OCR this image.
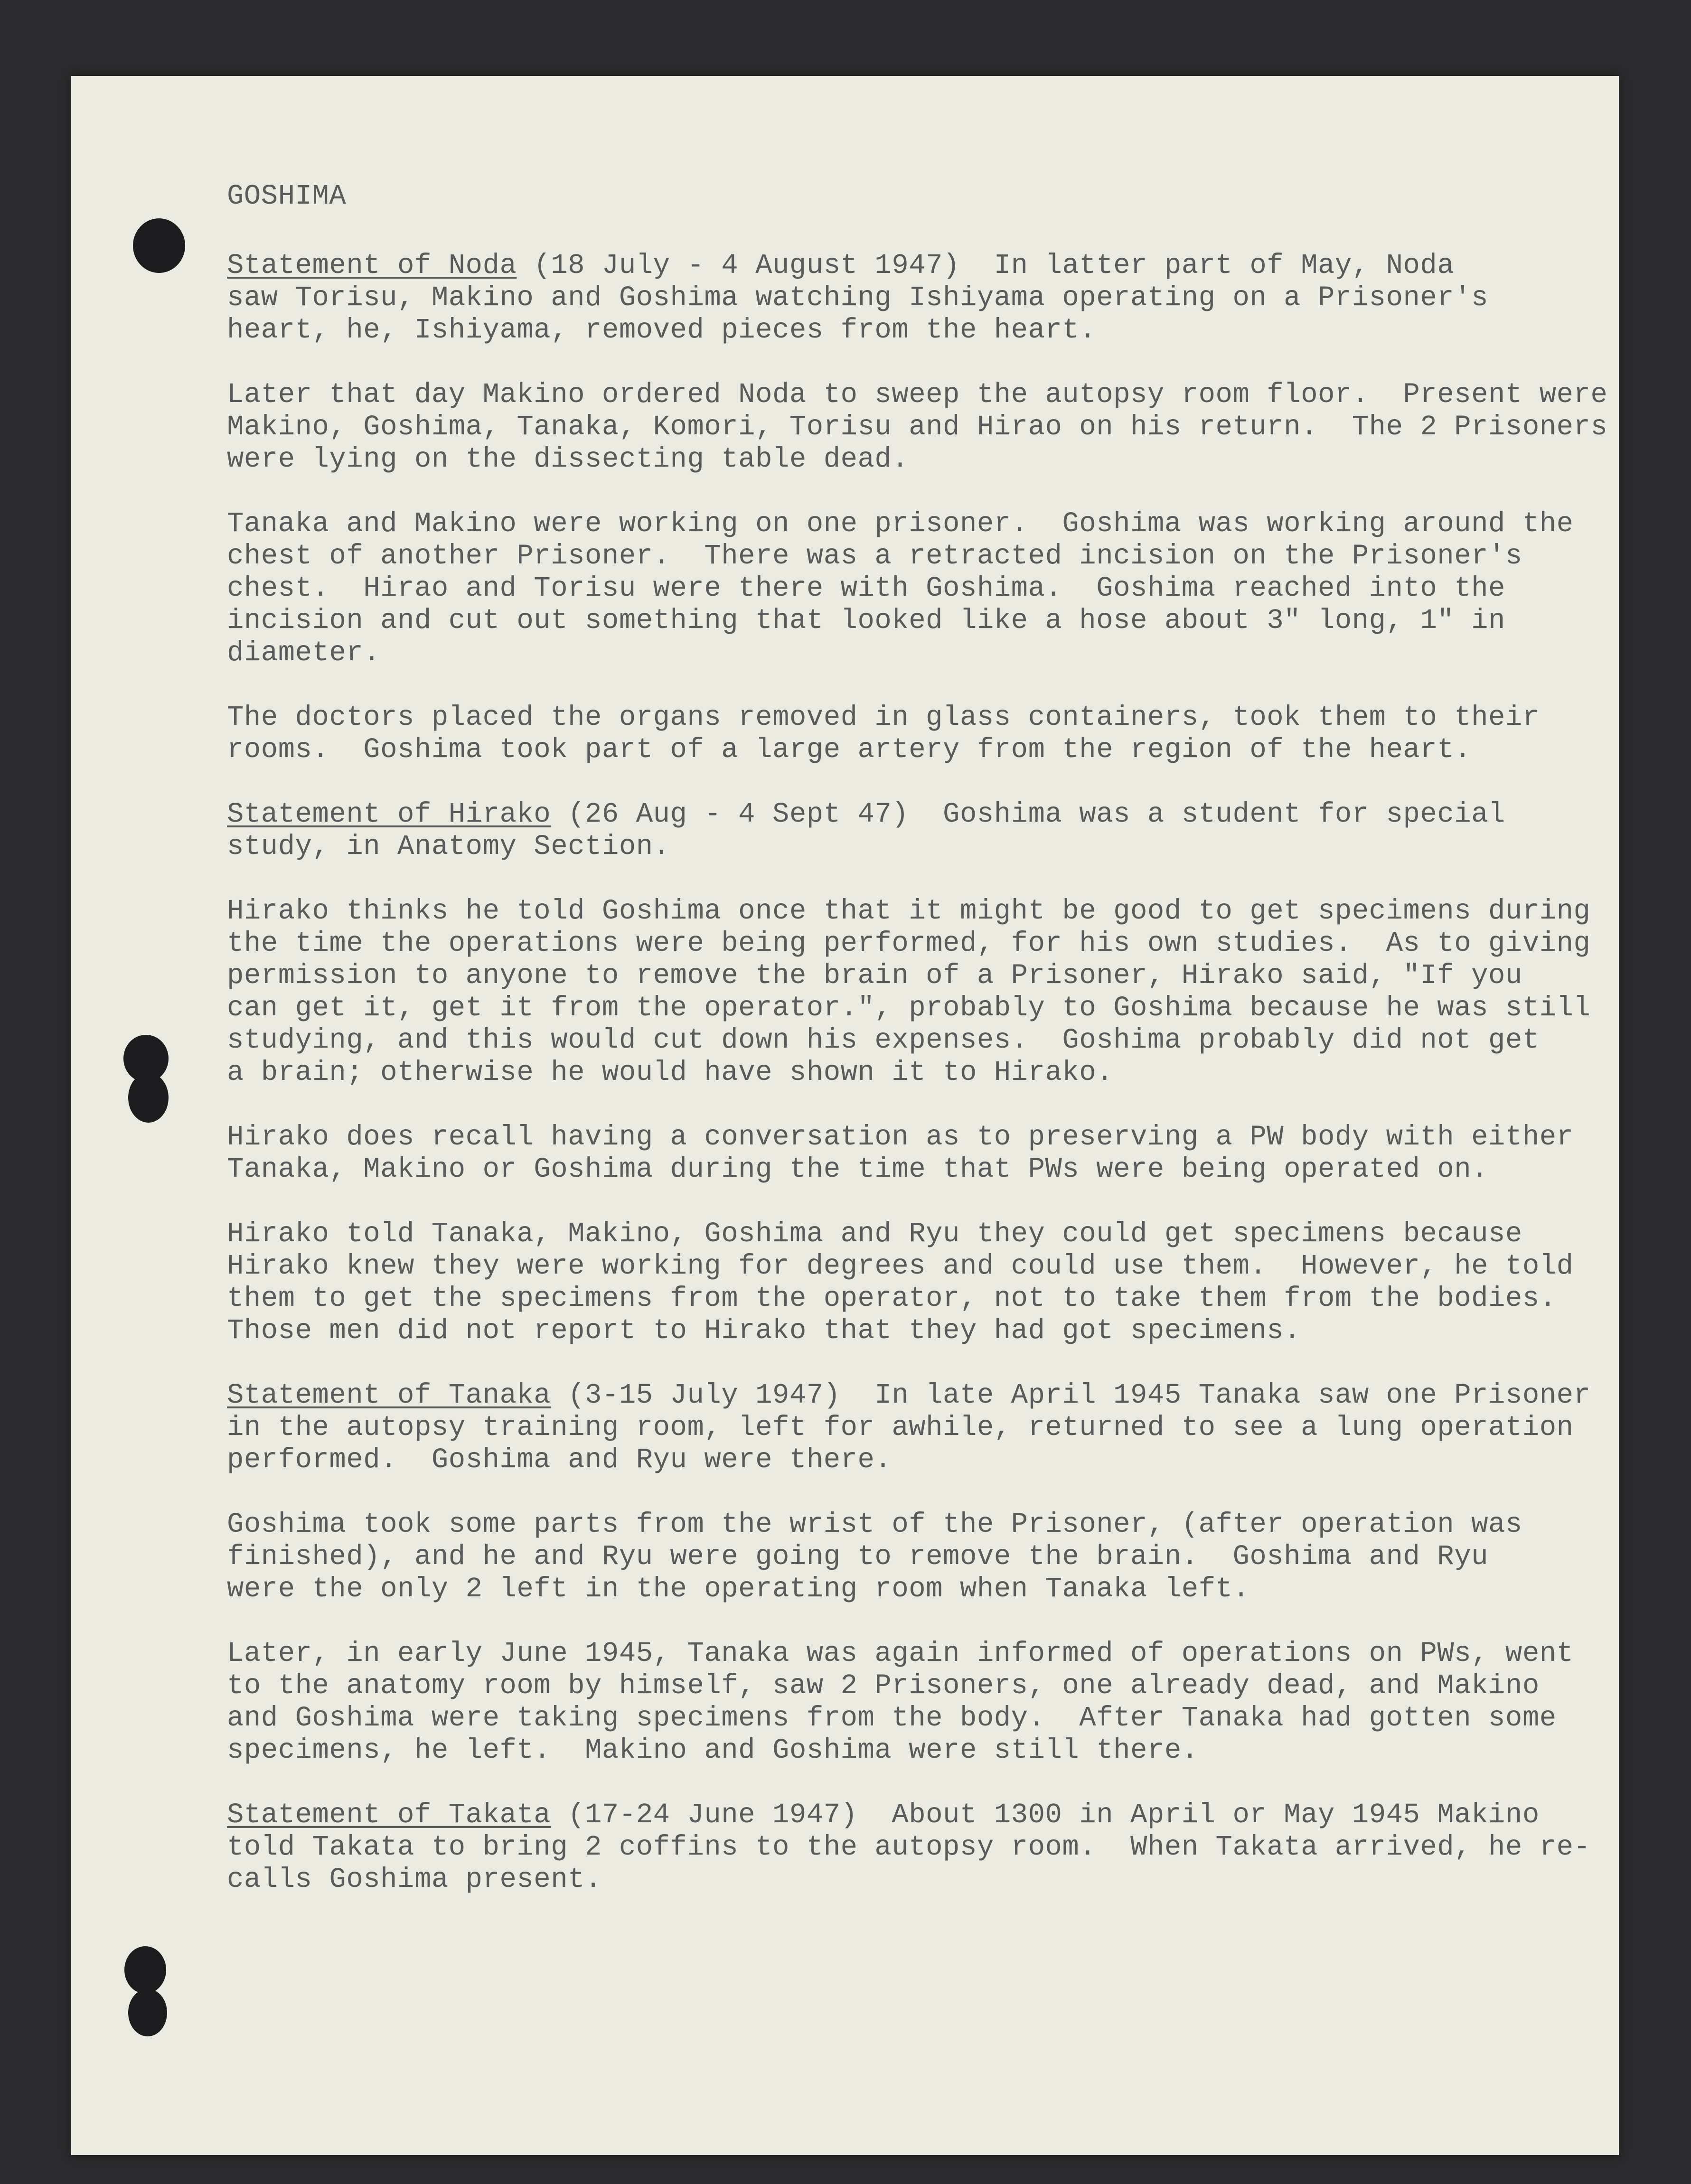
GOSHIMA
Statement of Noda (18 July - 4 August 1947)  In latter part of May, Noda
saw Torisu, Makino and Goshima watching Ishiyama operating on a Prisoner's
heart, he, Ishiyama, removed pieces from the heart.
Later that day Makino ordered Noda to sweep the autopsy room floor.  Present were
Makino, Goshima, Tanaka, Komori, Torisu and Hirao on his return.  The 2 Prisoners
were lying on the dissecting table dead.
Tanaka and Makino were working on one prisoner.  Goshima was working around the
chest of another Prisoner.  There was a retracted incision on the Prisoner's
chest.  Hirao and Torisu were there with Goshima.  Goshima reached into the
incision and cut out something that looked like a hose about 3" long, 1" in
diameter.
The doctors placed the organs removed in glass containers, took them to their
rooms.  Goshima took part of a large artery from the region of the heart.
Statement of Hirako (26 Aug - 4 Sept 47)  Goshima was a student for special
study, in Anatomy Section.
Hirako thinks he told Goshima once that it might be good to get specimens during
the time the operations were being performed, for his own studies.  As to giving
permission to anyone to remove the brain of a Prisoner, Hirako said, "If you
can get it, get it from the operator.", probably to Goshima because he was still
studying, and this would cut down his expenses.  Goshima probably did not get
a brain; otherwise he would have shown it to Hirako.
Hirako does recall having a conversation as to preserving a PW body with either
Tanaka, Makino or Goshima during the time that PWs were being operated on.
Hirako told Tanaka, Makino, Goshima and Ryu they could get specimens because
Hirako knew they were working for degrees and could use them.  However, he told
them to get the specimens from the operator, not to take them from the bodies.
Those men did not report to Hirako that they had got specimens.
Statement of Tanaka (3-15 July 1947)  In late April 1945 Tanaka saw one Prisoner
in the autopsy training room, left for awhile, returned to see a lung operation
performed.  Goshima and Ryu were there.
Goshima took some parts from the wrist of the Prisoner, (after operation was
finished), and he and Ryu were going to remove the brain.  Goshima and Ryu
were the only 2 left in the operating room when Tanaka left.
Later, in early June 1945, Tanaka was again informed of operations on PWs, went
to the anatomy room by himself, saw 2 Prisoners, one already dead, and Makino
and Goshima were taking specimens from the body.  After Tanaka had gotten some
specimens, he left.  Makino and Goshima were still there.
Statement of Takata (17-24 June 1947)  About 1300 in April or May 1945 Makino
told Takata to bring 2 coffins to the autopsy room.  When Takata arrived, he re-
calls Goshima present.
